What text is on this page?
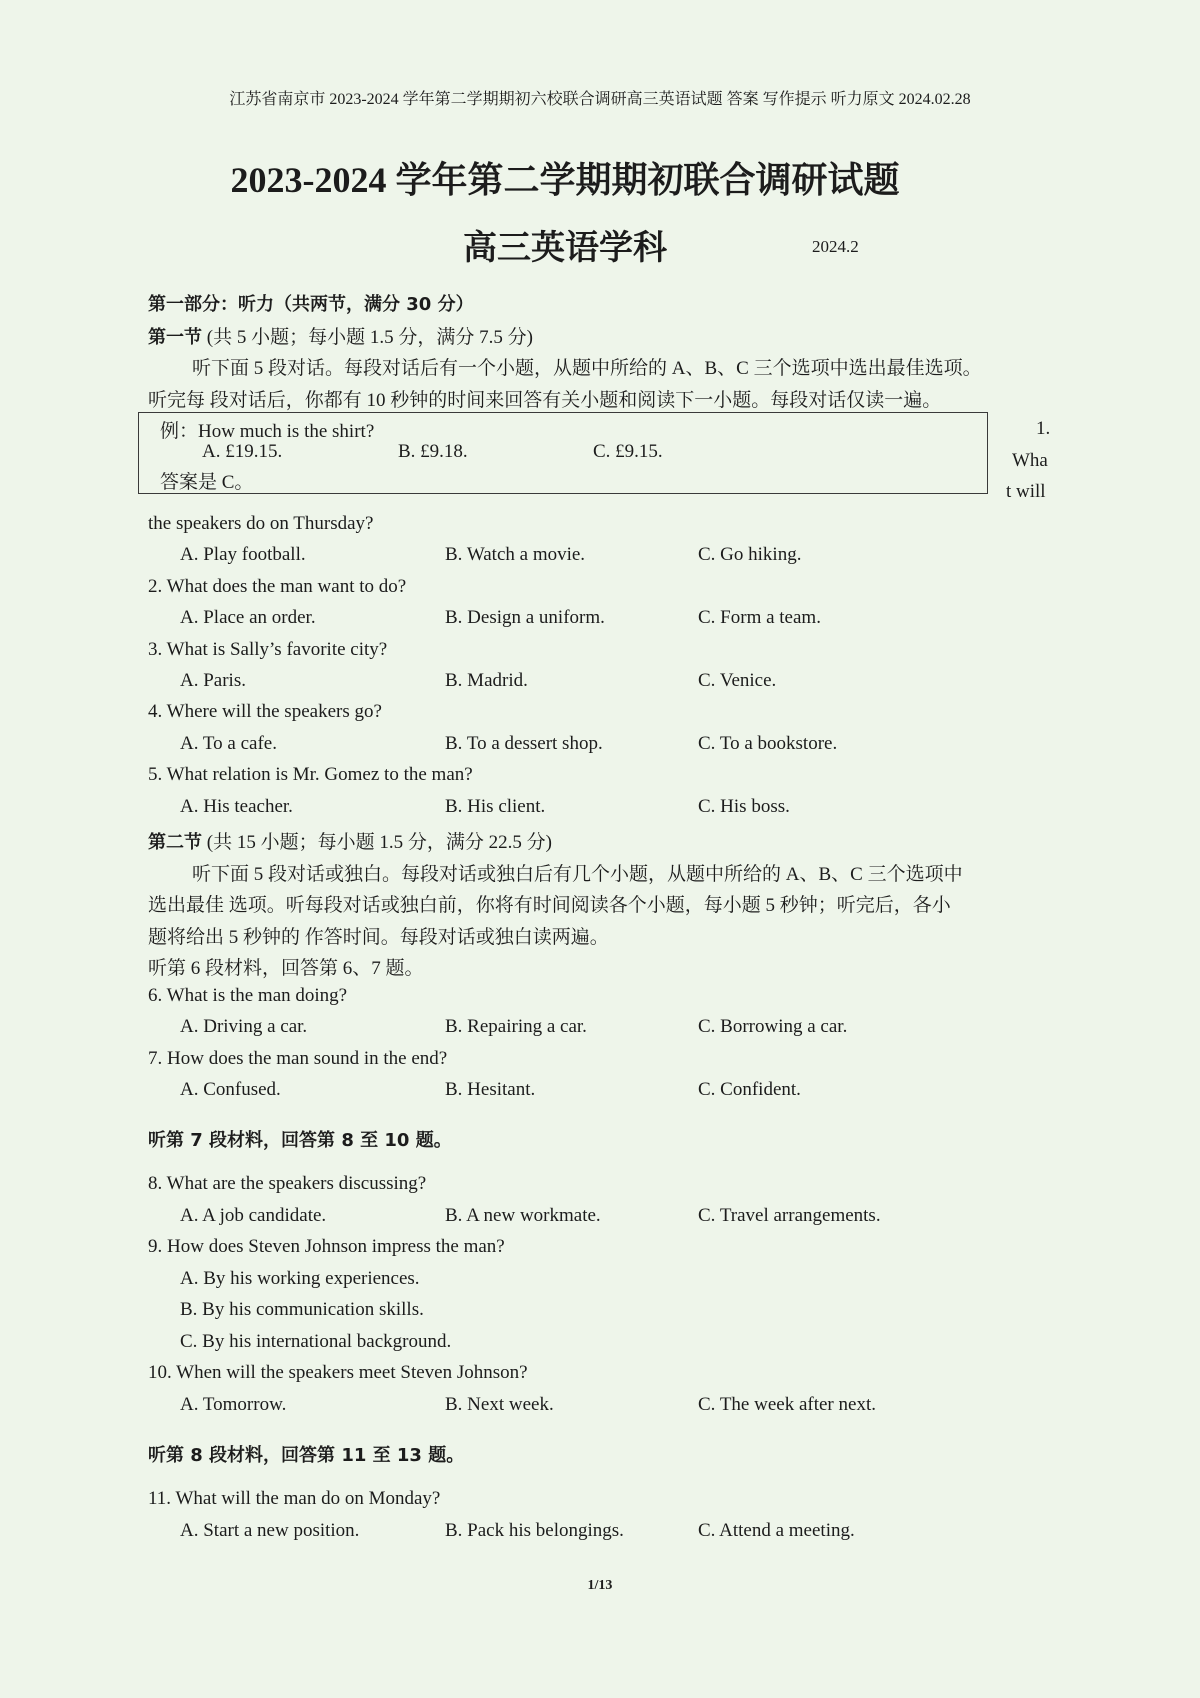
江苏省南京市 2023-2024 学年第二学期期初六校联合调研高三英语试题 答案 写作提示 听力原文 2024.02.28
2023-2024 学年第二学期期初联合调研试题
高三英语学科	2024.2
第一部分：听力（共两节，满分 30 分）
第一节 (共 5 小题；每小题 1.5 分，满分 7.5 分)
听下面 5 段对话。每段对话后有一个小题，从题中所给的 A、B、C 三个选项中选出最佳选项。
听完每 段对话后，你都有 10 秒钟的时间来回答有关小题和阅读下一小题。每段对话仅读一遍。
例：How much is the shirt?
A. £19.15.	B. £9.18.	C. £9.15.
答案是 C。
1.
Wha
t will
the speakers do on Thursday?
A. Play football.	B. Watch a movie.	C. Go hiking.
2. What does the man want to do?
A. Place an order.	B. Design a uniform.	C. Form a team.
3. What is Sally’s favorite city?
A. Paris.	B. Madrid.	C. Venice.
4. Where will the speakers go?
A. To a cafe.	B. To a dessert shop.	C. To a bookstore.
5. What relation is Mr. Gomez to the man?
A. His teacher.	B. His client.	C. His boss.
第二节 (共 15 小题；每小题 1.5 分，满分 22.5 分)
听下面 5 段对话或独白。每段对话或独白后有几个小题，从题中所给的 A、B、C 三个选项中
选出最佳 选项。听每段对话或独白前，你将有时间阅读各个小题，每小题 5 秒钟；听完后，各小
题将给出 5 秒钟的 作答时间。每段对话或独白读两遍。
听第 6 段材料，回答第 6、7 题。
6. What is the man doing?
A. Driving a car.	B. Repairing a car.	C. Borrowing a car.
7. How does the man sound in the end?
A. Confused.	B. Hesitant.	C. Confident.
听第 7 段材料，回答第 8 至 10 题。
8. What are the speakers discussing?
A. A job candidate.	B. A new workmate.	C. Travel arrangements.
9. How does Steven Johnson impress the man?
A. By his working experiences.
B. By his communication skills.
C. By his international background.
10. When will the speakers meet Steven Johnson?
A. Tomorrow.	B. Next week.	C. The week after next.
听第 8 段材料，回答第 11 至 13 题。
11. What will the man do on Monday?
A. Start a new position.	B. Pack his belongings.	C. Attend a meeting.
1/13
